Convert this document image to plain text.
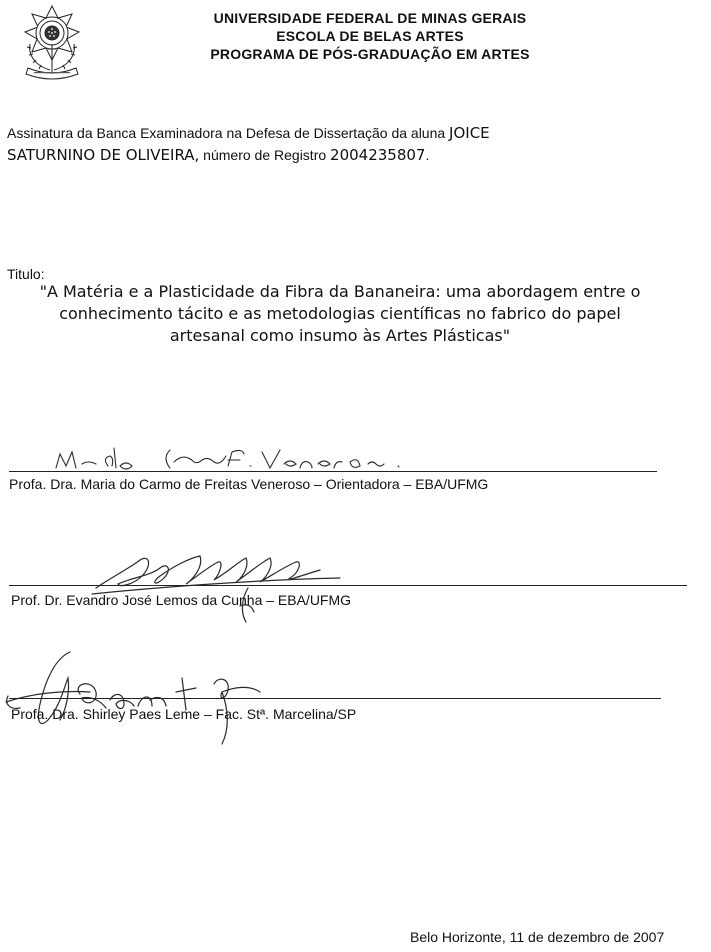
UNIVERSIDADE FEDERAL DE MINAS GERAIS
ESCOLA DE BELAS ARTES
PROGRAMA DE PÓS-GRADUAÇÃO EM ARTES
Assinatura da Banca Examinadora na Defesa de Dissertação da aluna JOICE
SATURNINO DE OLIVEIRA, número de Registro 2004235807.
Titulo:
"A Matéria e a Plasticidade da Fibra da Bananeira: uma abordagem entre o
conhecimento tácito e as metodologias científicas no fabrico do papel
artesanal como insumo às Artes Plásticas"
Profa. Dra. Maria do Carmo de Freitas Veneroso – Orientadora – EBA/UFMG
Prof. Dr. Evandro José Lemos da Cunha – EBA/UFMG
Profa. Dra. Shirley Paes Leme – Fac. Stª. Marcelina/SP
Belo Horizonte, 11 de dezembro de 2007
